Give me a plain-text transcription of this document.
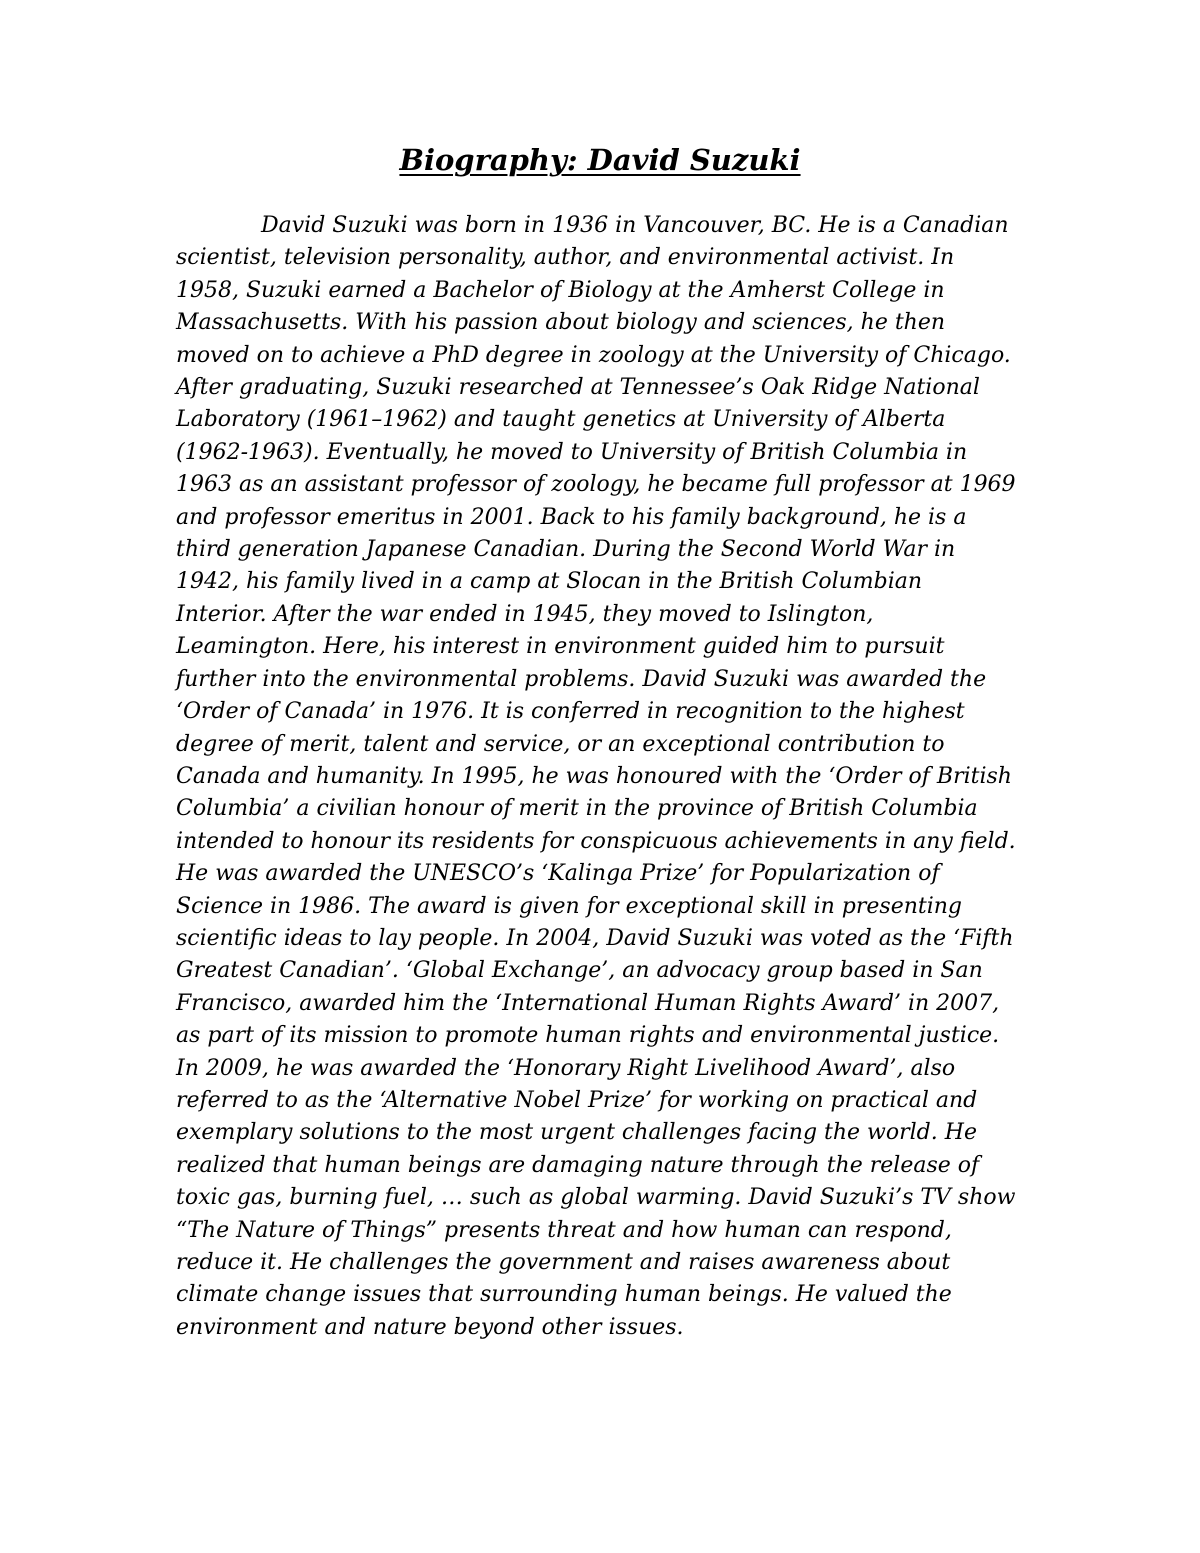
Biography: David Suzuki
David Suzuki was born in 1936 in Vancouver, BC. He is a Canadian
scientist, television personality, author, and environmental activist. In
1958, Suzuki earned a Bachelor of Biology at the Amherst College in
Massachusetts. With his passion about biology and sciences, he then
moved on to achieve a PhD degree in zoology at the University of Chicago.
After graduating, Suzuki researched at Tennessee’s Oak Ridge National
Laboratory (1961–1962) and taught genetics at University of Alberta
(1962-1963). Eventually, he moved to University of British Columbia in
1963 as an assistant professor of zoology, he became full professor at 1969
and professor emeritus in 2001. Back to his family background, he is a
third generation Japanese Canadian. During the Second World War in
1942, his family lived in a camp at Slocan in the British Columbian
Interior. After the war ended in 1945, they moved to Islington,
Leamington. Here, his interest in environment guided him to pursuit
further into the environmental problems. David Suzuki was awarded the
‘Order of Canada’ in 1976. It is conferred in recognition to the highest
degree of merit, talent and service, or an exceptional contribution to
Canada and humanity. In 1995, he was honoured with the ‘Order of British
Columbia’ a civilian honour of merit in the province of British Columbia
intended to honour its residents for conspicuous achievements in any field.
He was awarded the UNESCO’s ‘Kalinga Prize’ for Popularization of
Science in 1986. The award is given for exceptional skill in presenting
scientific ideas to lay people. In 2004, David Suzuki was voted as the ‘Fifth
Greatest Canadian’. ‘Global Exchange’, an advocacy group based in San
Francisco, awarded him the ‘International Human Rights Award’ in 2007,
as part of its mission to promote human rights and environmental justice.
In 2009, he was awarded the ‘Honorary Right Livelihood Award’, also
referred to as the ‘Alternative Nobel Prize’ for working on practical and
exemplary solutions to the most urgent challenges facing the world. He
realized that human beings are damaging nature through the release of
toxic gas, burning fuel, … such as global warming. David Suzuki’s TV show
“The Nature of Things” presents threat and how human can respond,
reduce it. He challenges the government and raises awareness about
climate change issues that surrounding human beings. He valued the
environment and nature beyond other issues.
